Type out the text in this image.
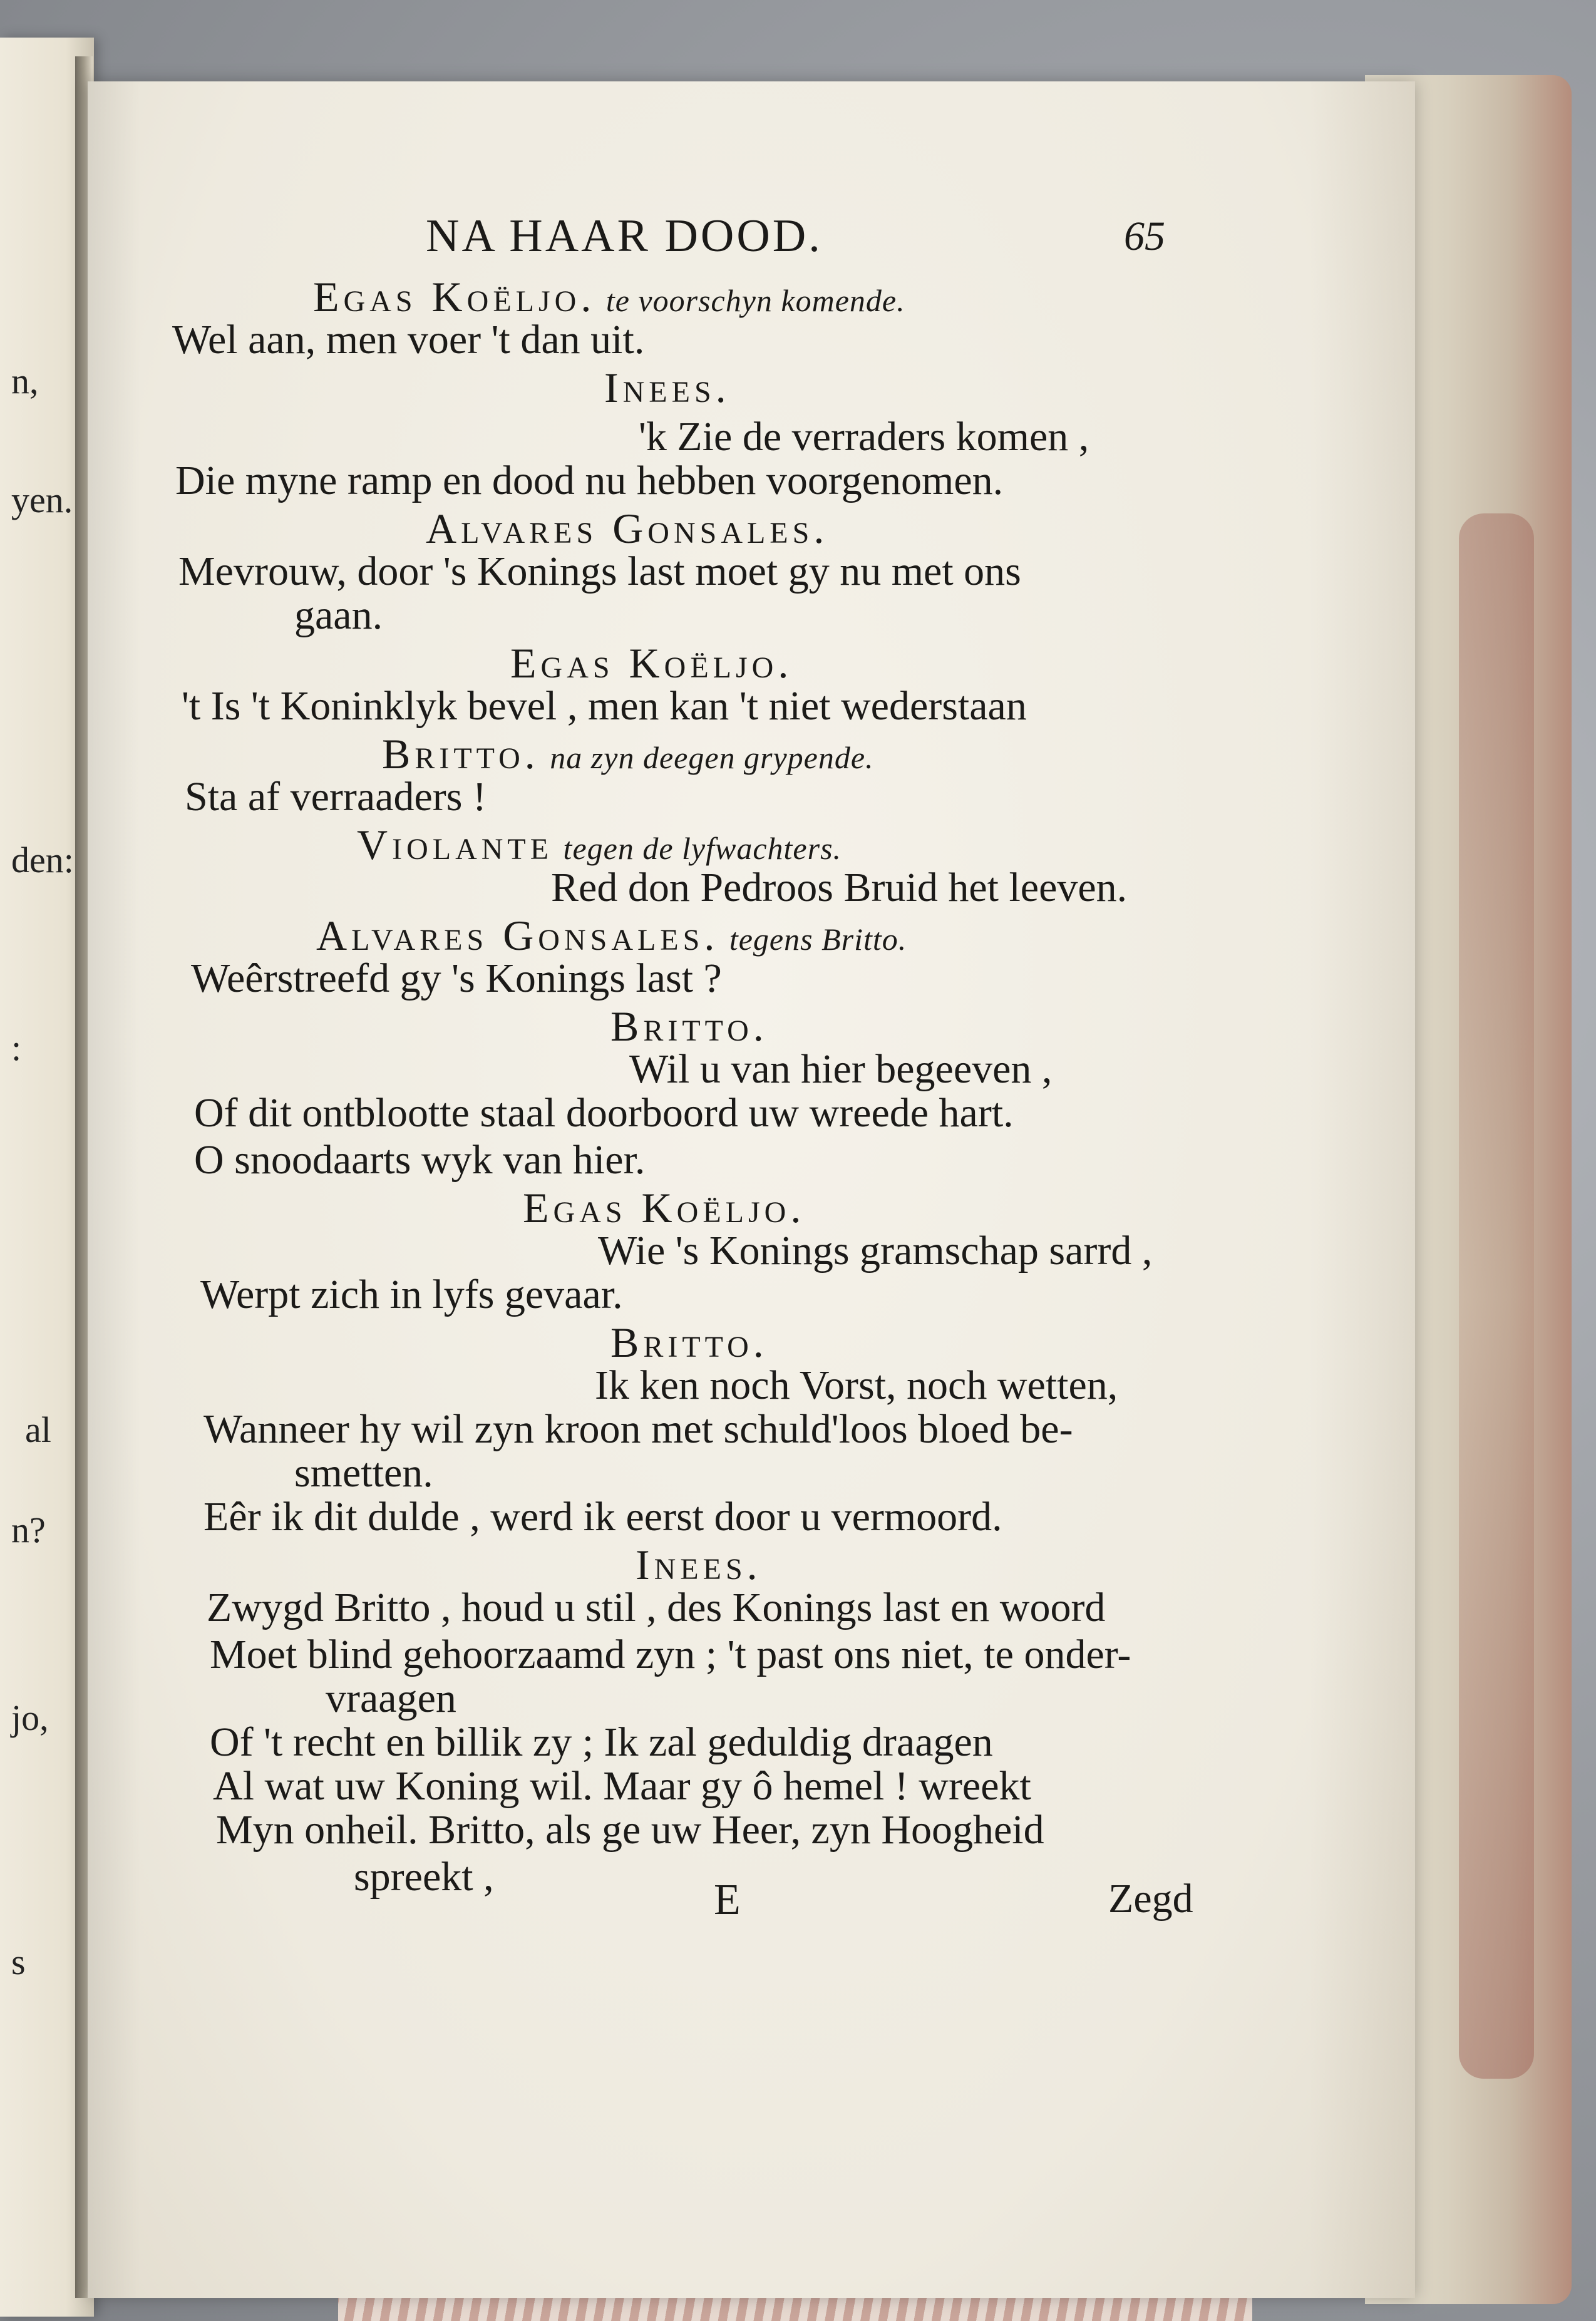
n,
yen.
den:
:
al
n?
jo,
s
NA HAAR DOOD.	65
Egas Koëljo. te voorschyn komende.
Wel aan, men voer 't dan uit.
Inees.
'k Zie de verraders komen ,
Die myne ramp en dood nu hebben voorgenomen.
Alvares Gonsales.
Mevrouw, door 's Konings last moet gy nu met ons
gaan.
Egas Koëljo.
't Is 't Koninklyk bevel , men kan 't niet wederstaan
Britto. na zyn deegen grypende.
Sta af verraaders !
Violante tegen de lyfwachters.
Red don Pedroos Bruid het leeven.
Alvares Gonsales. tegens Britto.
Weêrstreefd gy 's Konings last ?
Britto.
Wil u van hier begeeven ,
Of dit ontblootte staal doorboord uw wreede hart.
O snoodaarts wyk van hier.
Egas Koëljo.
Wie 's Konings gramschap sarrd ,
Werpt zich in lyfs gevaar.
Britto.
Ik ken noch Vorst, noch wetten,
Wanneer hy wil zyn kroon met schuld'loos bloed be-
smetten.
Eêr ik dit dulde , werd ik eerst door u vermoord.
Inees.
Zwygd Britto , houd u stil , des Konings last en woord
Moet blind gehoorzaamd zyn ; 't past ons niet, te onder-
vraagen
Of 't recht en billik zy ; Ik zal geduldig draagen
Al wat uw Koning wil. Maar gy ô hemel ! wreekt
Myn onheil. Britto, als ge uw Heer, zyn Hoogheid
spreekt ,	E	Zegd
